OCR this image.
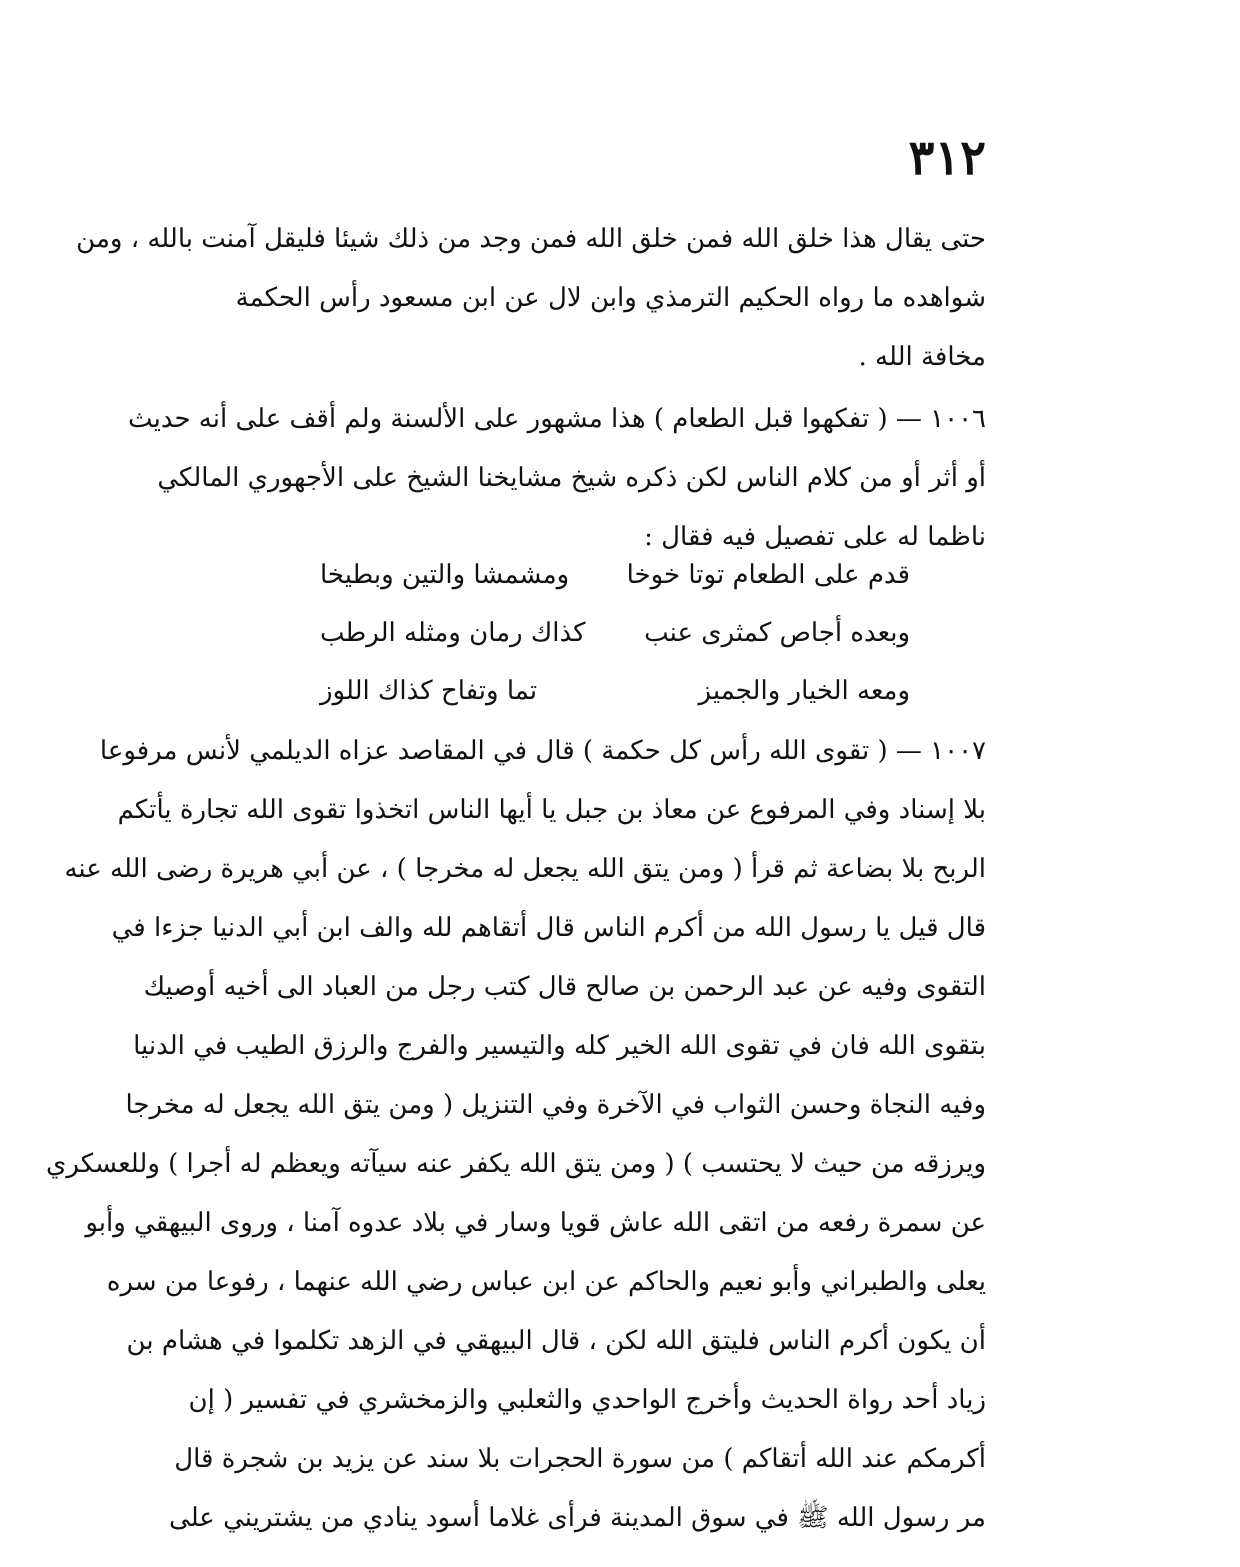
٣١٢
حتى يقال هذا خلق الله فمن خلق الله فمن وجد من ذلك شيئا فليقل آمنت بالله ، ومن
شواهده ما رواه الحكيم الترمذي وابن لال عن ابن مسعود رأس الحكمة
مخافة الله .
١٠٠٦ — ( تفكهوا قبل الطعام ) هذا مشهور على الألسنة ولم أقف على أنه حديث
أو أثر أو من كلام الناس لكن ذكره شيخ مشايخنا الشيخ على الأجهوري المالكي
ناظما له على تفصيل فيه فقال :
قدم على الطعام توتا خوخا
ومشمشا والتين وبطيخا
وبعده أجاص كمثرى عنب
كذاك رمان ومثله الرطب
ومعه الخيار والجميز
تما وتفاح كذاك اللوز
١٠٠٧ — ( تقوى الله رأس كل حكمة ) قال في المقاصد عزاه الديلمي لأنس مرفوعا
بلا إسناد وفي المرفوع عن معاذ بن جبل يا أيها الناس اتخذوا تقوى الله تجارة يأتكم
الربح بلا بضاعة ثم قرأ ( ومن يتق الله يجعل له مخرجا ) ، عن أبي هريرة رضى الله عنه
قال قيل يا رسول الله من أكرم الناس قال أتقاهم لله والف ابن أبي الدنيا جزءا في
التقوى وفيه عن عبد الرحمن بن صالح قال كتب رجل من العباد الى أخيه أوصيك
بتقوى الله فان في تقوى الله الخير كله والتيسير والفرج والرزق الطيب في الدنيا
وفيه النجاة وحسن الثواب في الآخرة وفي التنزيل ( ومن يتق الله يجعل له مخرجا
ويرزقه من حيث لا يحتسب ) ( ومن يتق الله يكفر عنه سيآته ويعظم له أجرا ) وللعسكري
عن سمرة رفعه من اتقى الله عاش قويا وسار في بلاد عدوه آمنا ، وروى البيهقي وأبو
يعلى والطبراني وأبو نعيم والحاكم عن ابن عباس رضي الله عنهما ، رفوعا من سره
أن يكون أكرم الناس فليتق الله لكن ، قال البيهقي في الزهد تكلموا في هشام بن
زياد أحد رواة الحديث وأخرج الواحدي والثعلبي والزمخشري في تفسير ( إن
أكرمكم عند الله أتقاكم ) من سورة الحجرات بلا سند عن يزيد بن شجرة قال
مر رسول الله ﷺ في سوق المدينة فرأى غلاما أسود ينادي من يشتريني على
